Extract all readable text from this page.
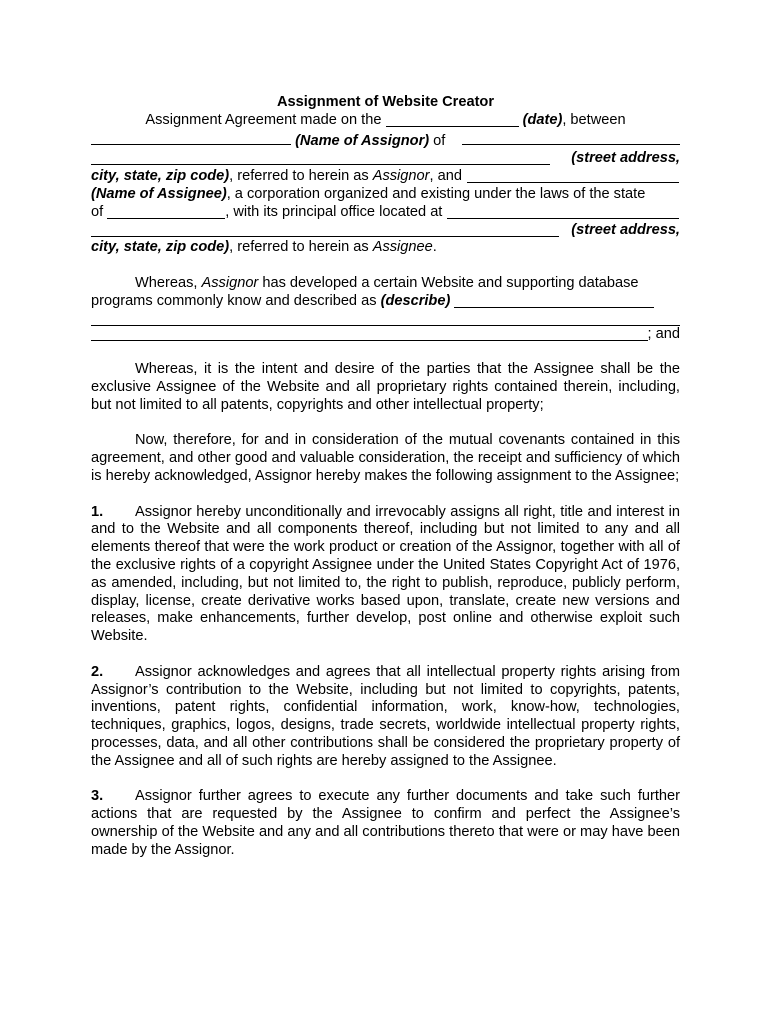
Assignment of Website Creator

Assignment Agreement made on the
	(date) , between
(Name of Assignor) of
(street address,
city, state, zip code) , referred to herein as Assignor , and

(Name of Assignee) , a corporation organized and existing under the laws of the state
of	, with its principal office located at
(street address,
city, state, zip code) , referred to herein as Assignee .
Whereas, Assignor has developed a certain Website and supporting database
programs commonly know and described as (describe)

; and

Whereas, it is the intent and desire of the parties that the Assignee shall be the exclusive Assignee of the Website and all proprietary rights contained therein, including, but not limited to all patents, copyrights and other intellectual property;

Now, therefore, for and in consideration of the mutual covenants contained in this agreement, and other good and valuable consideration, the receipt and sufficiency of which is hereby acknowledged, Assignor hereby makes the following assignment to the Assignee;

1. Assignor hereby unconditionally and irrevocably assigns all right, title and interest in and to the Website and all components thereof, including but not limited to any and all elements thereof that were the work product or creation of the Assignor, together with all of the exclusive rights of a copyright Assignee under the United States Copyright Act of 1976, as amended, including, but not limited to, the right to publish, reproduce, publicly perform, display, license, create derivative works based upon, translate, create new versions and releases, make enhancements, further develop, post online and otherwise exploit such Website.

2. Assignor acknowledges and agrees that all intellectual property rights arising from Assignor’s contribution to the Website, including but not limited to copyrights, patents, inventions, patent rights, confidential information, work, know-how, technologies, techniques, graphics, logos, designs, trade secrets, worldwide intellectual property rights, processes, data, and all other contributions shall be considered the proprietary property of the Assignee and all of such rights are hereby assigned to the Assignee.

3. Assignor further agrees to execute any further documents and take such further actions that are requested by the Assignee to confirm and perfect the Assignee’s ownership of the Website and any and all contributions thereto that were or may have been made by the Assignor.
